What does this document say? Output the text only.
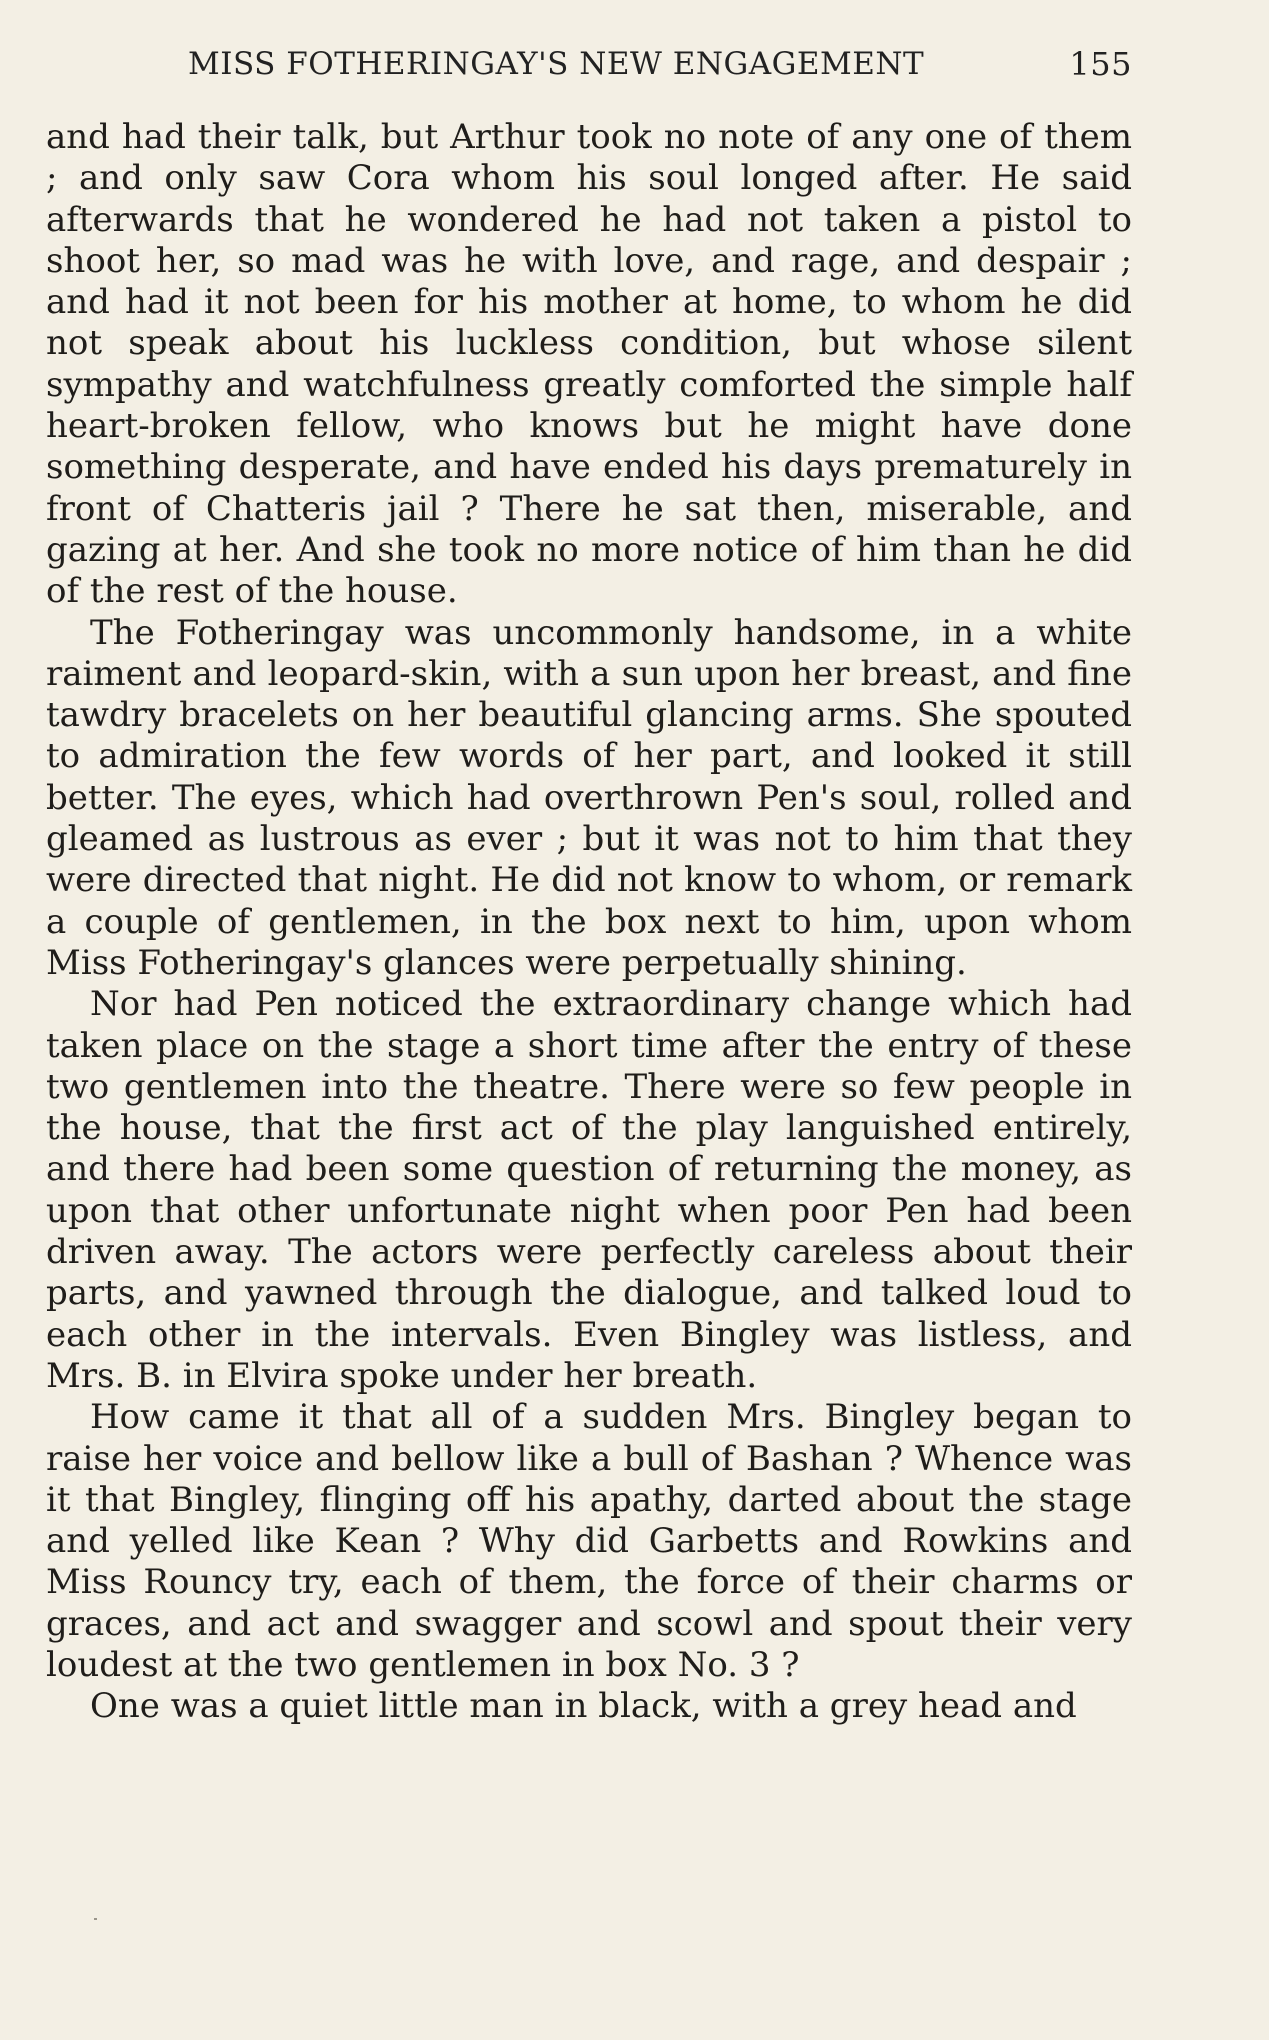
MISS FOTHERINGAY'S NEW ENGAGEMENT	155

and had their talk, but Arthur took no note of any one of them ; and only saw Cora whom his soul longed after. He said afterwards that he wondered he had not taken a pistol to shoot her, so mad was he with love, and rage, and despair ; and had it not been for his mother at home, to whom he did not speak about his luckless condition, but whose silent sympathy and watchfulness greatly comforted the simple half heart-broken fellow, who knows but he might have done something desperate, and have ended his days prematurely in front of Chatteris jail ? There he sat then, miserable, and gazing at her. And she took no more notice of him than he did of the rest of the house.

The Fotheringay was uncommonly handsome, in a white raiment and leopard-skin, with a sun upon her breast, and fine tawdry bracelets on her beautiful glancing arms. She spouted to admiration the few words of her part, and looked it still better. The eyes, which had overthrown Pen's soul, rolled and gleamed as lustrous as ever ; but it was not to him that they were directed that night. He did not know to whom, or remark a couple of gentlemen, in the box next to him, upon whom Miss Fotheringay's glances were perpetually shining.

Nor had Pen noticed the extraordinary change which had taken place on the stage a short time after the entry of these two gentlemen into the theatre. There were so few people in the house, that the first act of the play languished entirely, and there had been some question of returning the money, as upon that other unfortunate night when poor Pen had been driven away. The actors were perfectly careless about their parts, and yawned through the dialogue, and talked loud to each other in the intervals. Even Bingley was listless, and Mrs. B. in Elvira spoke under her breath.

How came it that all of a sudden Mrs. Bingley began to raise her voice and bellow like a bull of Bashan ? Whence was it that Bingley, flinging off his apathy, darted about the stage and yelled like Kean ? Why did Garbetts and Rowkins and Miss Rouncy try, each of them, the force of their charms or graces, and act and swagger and scowl and spout their very loudest at the two gentlemen in box No. 3 ?

One was a quiet little man in black, with a grey head and
